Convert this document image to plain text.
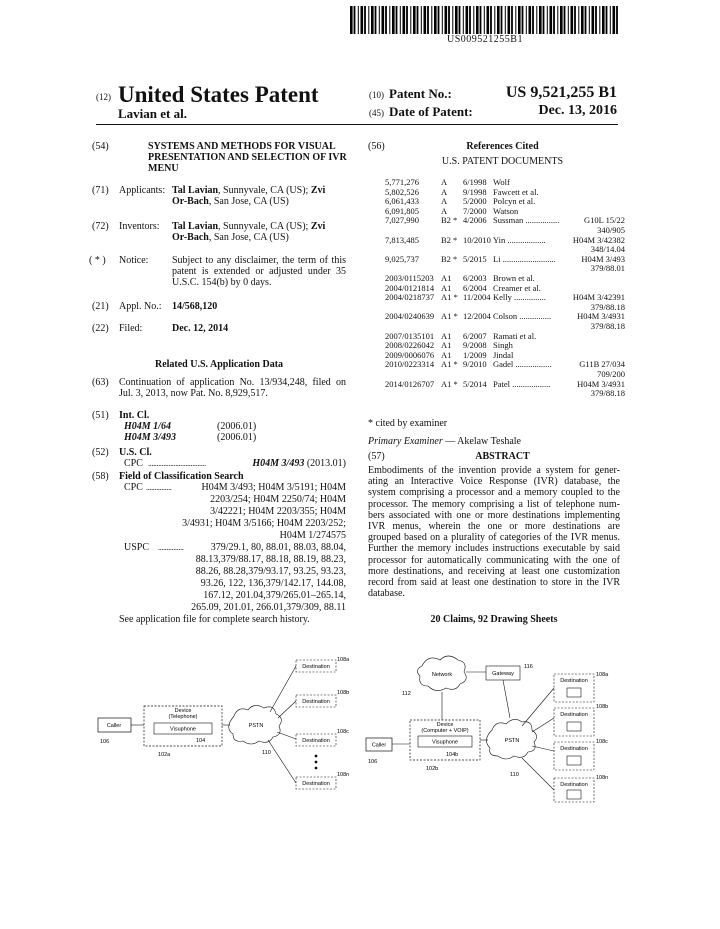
US009521255B1
(12) United States Patent
Lavian et al.
(10) Patent No.:	US 9,521,255 B1
(45) Date of Patent:	Dec. 13, 2016
(54)	SYSTEMS AND METHODS FOR VISUAL
PRESENTATION AND SELECTION OF IVR
MENU
(71) Applicants: Tal Lavian, Sunnyvale, CA (US); Zvi
Or-Bach, San Jose, CA (US)
(72) Inventors: Tal Lavian, Sunnyvale, CA (US); Zvi
Or-Bach, San Jose, CA (US)
( * ) Notice: Subject to any disclaimer, the term of this
patent is extended or adjusted under 35
U.S.C. 154(b) by 0 days.
(21) Appl. No.: 14/568,120
(22) Filed:	Dec. 12, 2014
Related U.S. Application Data
(63) Continuation of application No. 13/934,248, filed on
Jul. 3, 2013, now Pat. No. 8,929,517.
(51) Int. Cl.
H04M 1/64	(2006.01)
H04M 3/493	(2006.01)
(52) U.S. Cl.
CPC ..................................	H04M 3/493 (2013.01)
(58) Field of Classification Search
CPC ...............	H04M 3/493; H04M 3/5191; H04M
2203/254; H04M 2250/74; H04M
3/42221; H04M 2203/355; H04M
3/4931; H04M 3/5166; H04M 2203/252;
H04M 1/274575
USPC ...............	379/29.1, 80, 88.01, 88.03, 88.04,
88.13,379/88.17, 88.18, 88.19, 88.23,
88.26, 88.28,379/93.17, 93.25, 93.23,
93.26, 122, 136,379/142.17, 144.08,
167.12, 201.04,379/265.01–265.14,
265.09, 201.01, 266.01,379/309, 88.11
See application file for complete search history.
(56)	References Cited
U.S. PATENT DOCUMENTS
* cited by examiner
Primary Examiner — Akelaw Teshale
(57)	ABSTRACT
Embodiments of the invention provide a system for gener-
ating an Interactive Voice Response (IVR) database, the
system comprising a processor and a memory coupled to the
processor. The memory comprising a list of telephone num-
bers associated with one or more destinations implementing
IVR menus, wherein the one or more destinations are
grouped based on a plurality of categories of the IVR menus.
Further the memory includes instructions executable by said
processor for automatically communicating with the one of
more destinations, and receiving at least one customization
record from said at least one destination to store in the IVR
database.
20 Claims, 92 Drawing Sheets
Caller
106
Device
(Telephone)
Visuphone
104
102a
PSTN
110
Destination
108a
Destination
108b
Destination
108c
Destination
108n
Network
112
Gateway
116
Caller
106
Device
(Computer + VOIP)
Visuphone
104b
102b
PSTN
110
Destination
108a
Destination
108b
Destination
108c
Destination
108n
5,771,276	A 6/1998 Wolf
5,802,526	A 9/1998 Fawcett et al.
6,061,433	A 5/2000 Polcyn et al.
6,091,805	A 7/2000 Watson
7,027,990	B2 * 4/2006 Sussman ................	G10L 15/22
340/905
7,813,485	B2 * 10/2010 Yin ..................	H04M 3/42382
348/14.04
9,025,737	B2 * 5/2015 Li .........................	H04M 3/493
379/88.01
2003/0115203 A1 6/2003 Brown et al.
2004/0121814 A1 6/2004 Creamer et al.
2004/0218737 A1 * 11/2004 Kelly ...............	H04M 3/42391
379/88.18
2004/0240639 A1 * 12/2004 Colson ...............	H04M 3/4931
379/88.18
2007/0135101 A1 6/2007 Ramati et al.
2008/0226042 A1 9/2008 Singh
2009/0006076 A1 1/2009 Jindal
2010/0223314 A1 * 9/2010 Gadel .................	G11B 27/034
709/200
2014/0126707 A1 * 5/2014 Patel ..................	H04M 3/4931
379/88.18
